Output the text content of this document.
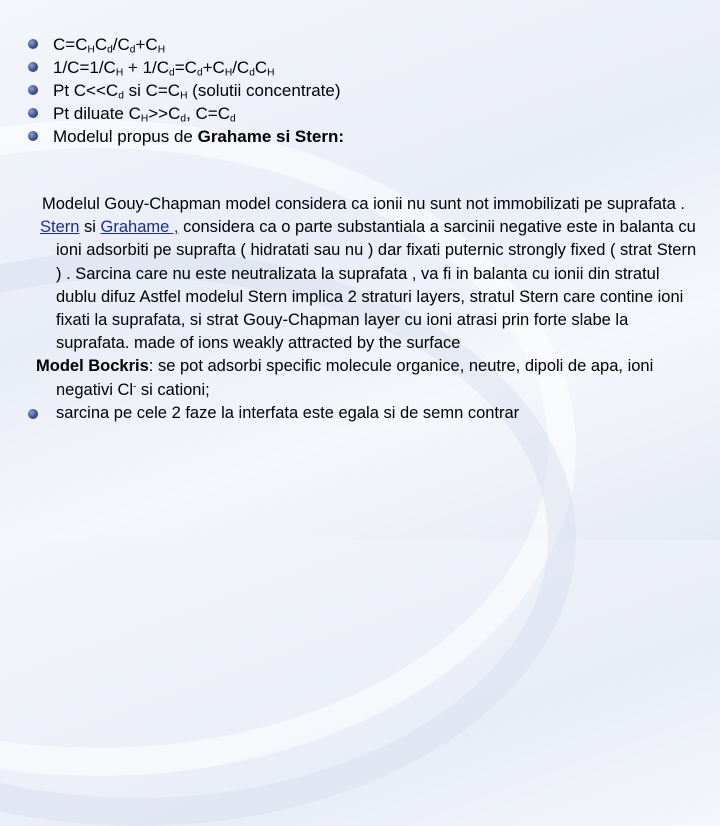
$C=C_HC_d/C_d+C_H$
$1/C=1/C_H + 1/C_d=C_d+C_H/C_dC_H$
Pt $C<<C_d$ si $C=C_H$ (solutii concentrate)
Pt diluate $C_H>>C_d$, $C=C_d$
Modelul propus de Grahame si Stern:

Modelul Gouy-Chapman model considera ca ionii nu sunt not immobilizati pe suprafata .

Stern si Grahame , considera ca o parte substantiala a sarcinii negative este in balanta cu ioni adsorbiti pe suprafta ( hidratati sau nu ) dar fixati puternic strongly fixed ( strat Stern ) . Sarcina care nu este neutralizata la suprafata , va fi in balanta cu ionii din stratul dublu difuz Astfel modelul Stern implica 2 straturi layers, stratul Stern care contine ioni fixati la suprafata, si strat Gouy-Chapman layer cu ioni atrasi prin forte slabe la suprafata. made of ions weakly attracted by the surface

Model Bockris: se pot adsorbi specific molecule organice, neutre, dipoli de apa, ioni negativi Cl- si cationi;

sarcina pe cele 2 faze la interfata este egala si de semn contrar
